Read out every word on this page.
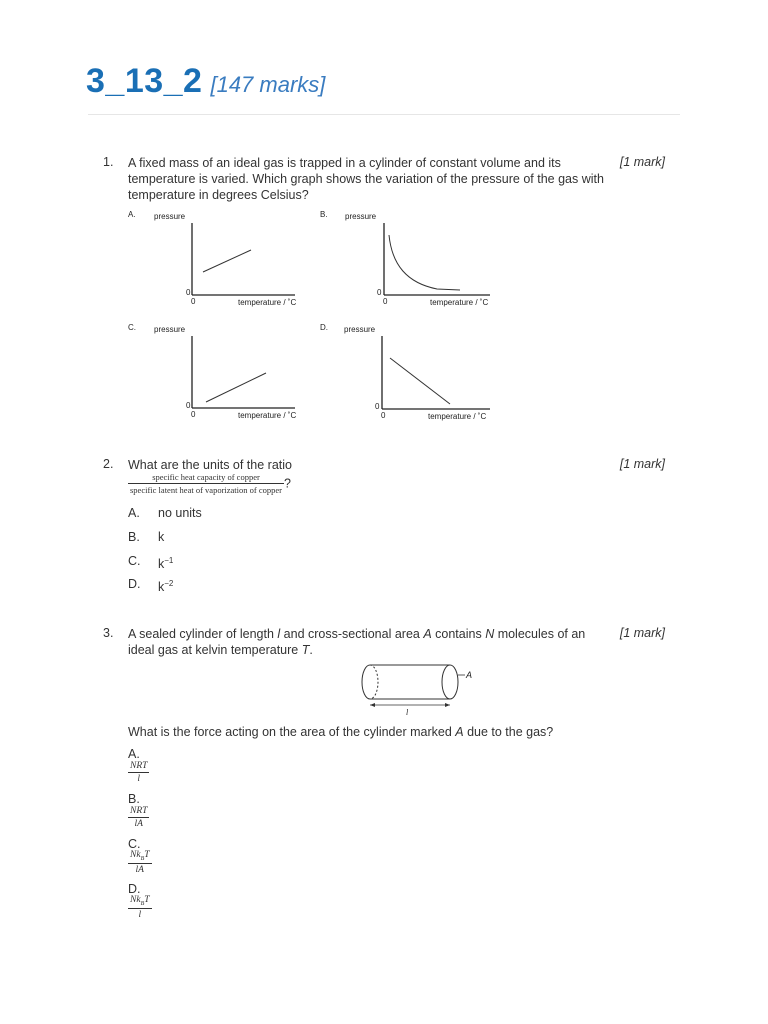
3_13_2 [147 marks]
1.	[1 mark]
A fixed mass of an ideal gas is trapped in a cylinder of constant volume and its
temperature is varied. Which graph shows the variation of the pressure of the gas with
temperature in degrees Celsius?
A. pressure
0
0	temperature / ˚C
B. pressure
0
0	temperature / ˚C
C. pressure
0
0	temperature / ˚C
D. pressure
0
0	temperature / ˚C
2.	[1 mark]
What are the units of the ratio
$\frac{\text{specific heat capacity of copper}}{\text{specific latent heat of vaporization of copper}}$ ?
A. no units
B. k
C. $k^{-1}$
D. $k^{-2}$
3.	[1 mark]
A sealed cylinder of length l and cross-sectional area A contains N molecules of an
ideal gas at kelvin temperature T.
A
l
What is the force acting on the area of the cylinder marked A due to the gas?
A.
$\frac{\text{NRT}}{l}$
B.
$\frac{\text{NRT}}{lA}$
C.
$\frac{Nk_BT}{lA}$
D.
$\frac{Nk_BT}{l}$
